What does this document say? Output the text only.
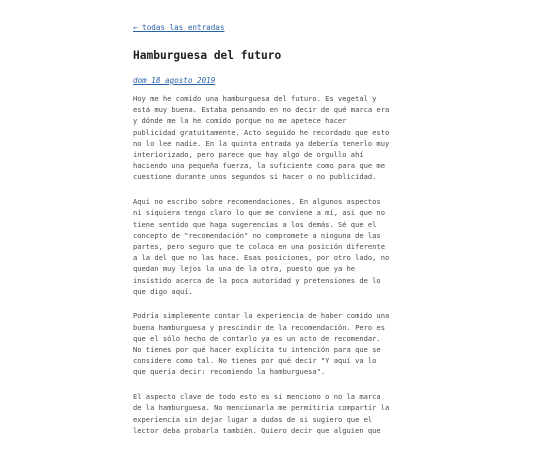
← todas las entradas
Hamburguesa del futuro
dom 18 agosto 2019

Hoy me he comido una hamburguesa del futuro. Es vegetal y
está muy buena. Estaba pensando en no decir de qué marca era
y dónde me la he comido porque no me apetece hacer
publicidad gratuitamente. Acto seguido he recordado que esto
no lo lee nadie. En la quinta entrada ya debería tenerlo muy
interiorizado, pero parece que hay algo de orgullo ahí
haciendo una pequeña fuerza, la suficiente como para que me
cuestione durante unos segundos si hacer o no publicidad.

Aquí no escribo sobre recomendaciones. En algunos aspectos
ni siquiera tengo claro lo que me conviene a mí, así que no
tiene sentido que haga sugerencias a los demás. Sé que el
concepto de "recomendación" no compromete a ninguna de las
partes, pero seguro que te coloca en una posición diferente
a la del que no las hace. Esas posiciones, por otro lado, no
quedan muy lejos la una de la otra, puesto que ya he
insistido acerca de la poca autoridad y pretensiones de lo
que digo aquí.

Podría simplemente contar la experiencia de haber comido una
buena hamburguesa y prescindir de la recomendación. Pero es
que el sólo hecho de contarlo ya es un acto de recomendar.
No tienes por qué hacer explícita tu intención para que se
considere como tal. No tienes por qué decir "Y aquí va lo
que quería decir: recomiendo la hamburguesa".

El aspecto clave de todo esto es si menciono o no la marca
de la hamburguesa. No mencionarla me permitiría compartir la
experiencia sin dejar lugar a dudas de si sugiero que el
lector deba probarla también. Quiero decir que alguien que
